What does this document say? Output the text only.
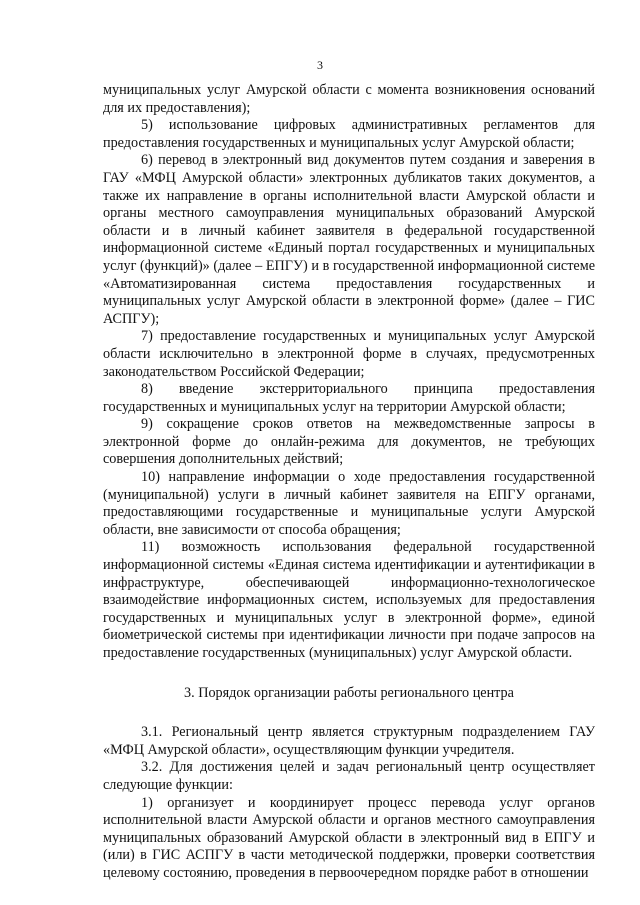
3

муниципальных услуг Амурской области с момента возникновения оснований для их предоставления);

5) использование цифровых административных регламентов для предоставления государственных и муниципальных услуг Амурской области;

6) перевод в электронный вид документов путем создания и заверения в ГАУ «МФЦ Амурской области» электронных дубликатов таких документов, а также их направление в органы исполнительной власти Амурской области и органы местного самоуправления муниципальных образований Амурской области и в личный кабинет заявителя в федеральной государственной информационной системе «Единый портал государственных и муниципальных услуг (функций)» (далее – ЕПГУ) и в государственной информационной системе «Автоматизированная система предоставления государственных и муниципальных услуг Амурской области в электронной форме» (далее – ГИС АСПГУ);

7) предоставление государственных и муниципальных услуг Амурской области исключительно в электронной форме в случаях, предусмотренных законодательством Российской Федерации;

8) введение экстерриториального принципа предоставления государственных и муниципальных услуг на территории Амурской области;

9) сокращение сроков ответов на межведомственные запросы в электронной форме до онлайн-режима для документов, не требующих совершения дополнительных действий;

10) направление информации о ходе предоставления государственной (муниципальной) услуги в личный кабинет заявителя на ЕПГУ органами, предоставляющими государственные и муниципальные услуги Амурской области, вне зависимости от способа обращения;

11) возможность использования федеральной государственной информационной системы «Единая система идентификации и аутентификации в инфраструктуре, обеспечивающей информационно-технологическое взаимодействие информационных систем, используемых для предоставления государственных и муниципальных услуг в электронной форме», единой биометрической системы при идентификации личности при подаче запросов на предоставление государственных (муниципальных) услуг Амурской области.

3. Порядок организации работы регионального центра

3.1. Региональный центр является структурным подразделением ГАУ «МФЦ Амурской области», осуществляющим функции учредителя.

3.2. Для достижения целей и задач региональный центр осуществляет следующие функции:

1) организует и координирует процесс перевода услуг органов исполнительной власти Амурской области и органов местного самоуправления муниципальных образований Амурской области в электронный вид в ЕПГУ и (или) в ГИС АСПГУ в части методической поддержки, проверки соответствия целевому состоянию, проведения в первоочередном порядке работ в отношении
